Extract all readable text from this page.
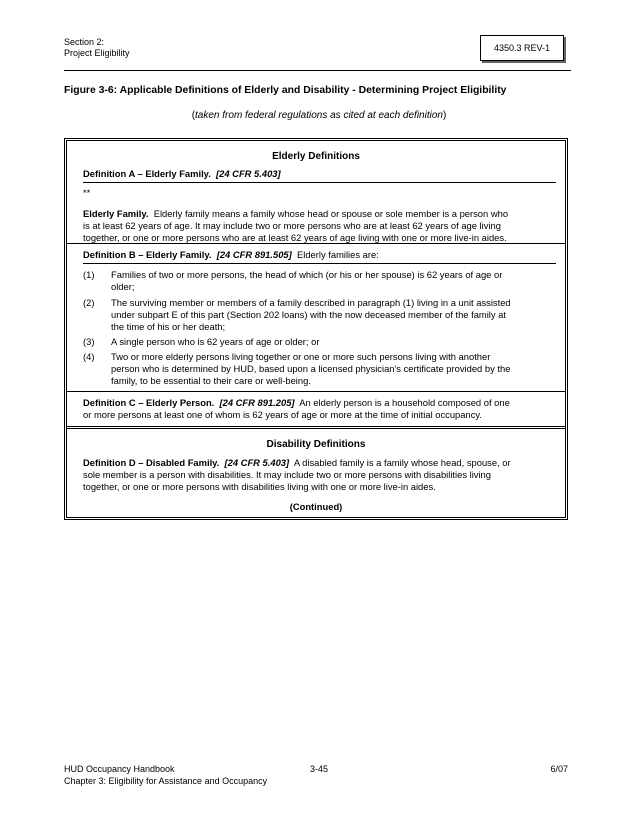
Section 2:
Project Eligibility	4350.3 REV-1
Figure 3-6: Applicable Definitions of Elderly and Disability - Determining Project Eligibility
(taken from federal regulations as cited at each definition)
Elderly Definitions
Definition A – Elderly Family. [24 CFR 5.403]
**
Elderly Family. Elderly family means a family whose head or spouse or sole member is a person who
is at least 62 years of age. It may include two or more persons who are at least 62 years of age living
together, or one or more persons who are at least 62 years of age living with one or more live-in aides.
Definition B – Elderly Family. [24 CFR 891.505] Elderly families are:
(1)	Families of two or more persons, the head of which (or his or her spouse) is 62 years of age or
older;
(2)	The surviving member or members of a family described in paragraph (1) living in a unit assisted
under subpart E of this part (Section 202 loans) with the now deceased member of the family at
the time of his or her death;
(3)	A single person who is 62 years of age or older; or
(4)	Two or more elderly persons living together or one or more such persons living with another
person who is determined by HUD, based upon a licensed physician's certificate provided by the
family, to be essential to their care or well-being.
Definition C – Elderly Person. [24 CFR 891.205] An elderly person is a household composed of one
or more persons at least one of whom is 62 years of age or more at the time of initial occupancy.
Disability Definitions
Definition D – Disabled Family. [24 CFR 5.403] A disabled family is a family whose head, spouse, or
sole member is a person with disabilities. It may include two or more persons with disabilities living
together, or one or more persons with disabilities living with one or more live-in aides.
(Continued)
HUD Occupancy Handbook	3-45	6/07
Chapter 3: Eligibility for Assistance and Occupancy
